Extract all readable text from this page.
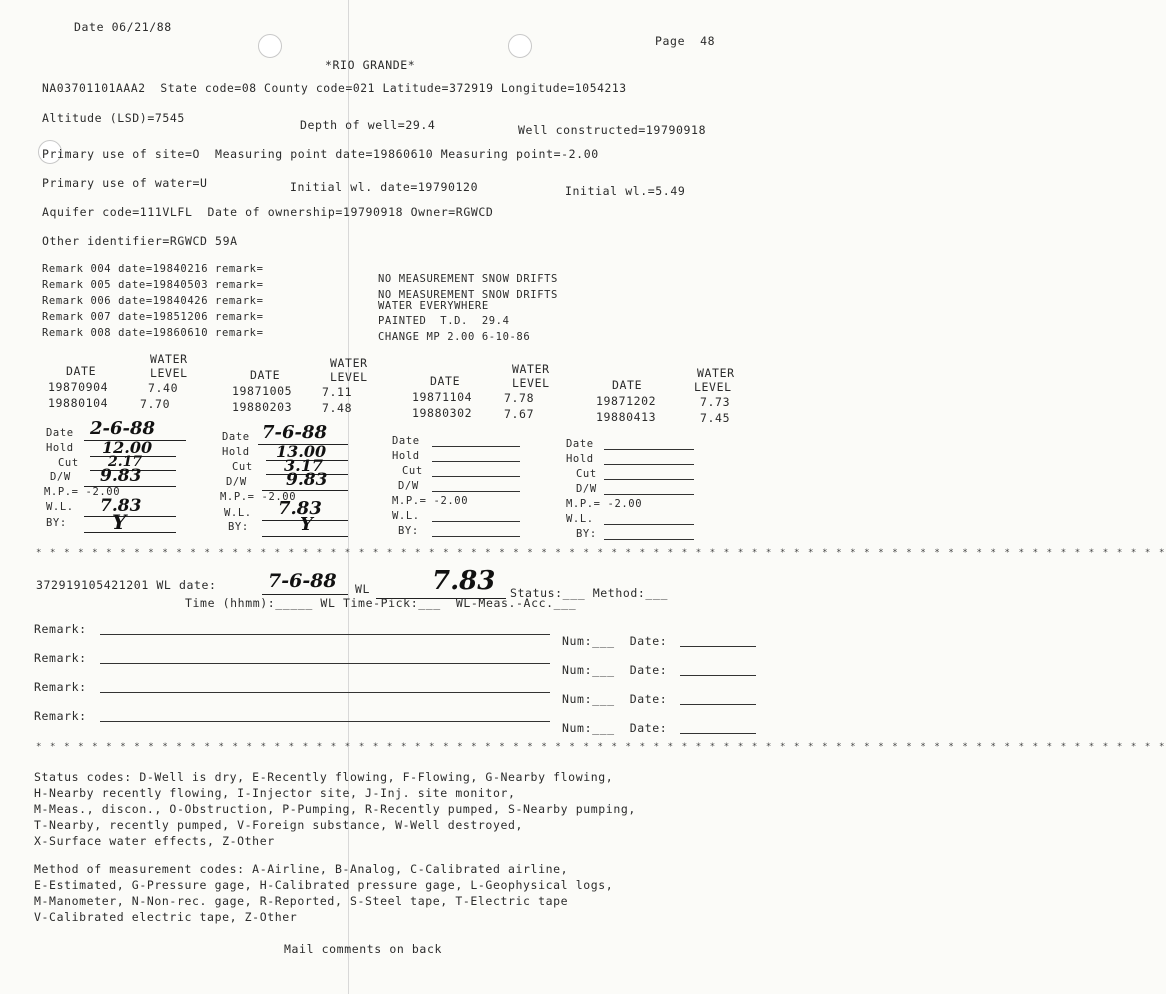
Date 06/21/88
Page  48
*RIO GRANDE*
NA03701101AAA2  State code=08 County code=021 Latitude=372919 Longitude=1054213
Altitude (LSD)=7545	Depth of well=29.4	Well constructed=19790918
Primary use of site=O  Measuring point date=19860610 Measuring point=-2.00
Primary use of water=U	Initial wl. date=19790120	Initial wl.=5.49
Aquifer code=111VLFL  Date of ownership=19790918 Owner=RGWCD
Other identifier=RGWCD 59A
Remark 004 date=19840216 remark=
NO MEASUREMENT SNOW DRIFTS
Remark 005 date=19840503 remark=
NO MEASUREMENT SNOW DRIFTS
Remark 006 date=19840426 remark=	WATER EVERYWHERE
Remark 007 date=19851206 remark=	PAINTED  T.D.  29.4
Remark 008 date=19860610 remark=	CHANGE MP 2.00 6-10-86
WATER
DATE	LEVEL
19870904	7.40
19880104	7.70
WATER
DATE	LEVEL
19871005	7.11
19880203	7.48
WATER
DATE	LEVEL
19871104	7.78
19880302	7.67
WATER
DATE	LEVEL
19871202	7.73
19880413	7.45
Date 2-6-88
Hold 12.00
Cut 2.17
D/W 9.83
M.P.= -2.00
W.L. 7.83
BY: Y
Date 7-6-88
Hold 13.00
Cut 3.17
D/W 9.83
M.P.= -2.00
W.L. 7.83
BY:	Y
Date
Hold
Cut
D/W
M.P.= -2.00
W.L.
BY:
Date
Hold
Cut
D/W
M.P.= -2.00
W.L.
BY:
* * * * * * * * * * * * * * * * * * * * * * * * * * * * * * * * * * * * * * * * * * * * * * * * * * * * * * * * * * * * * * * * * * * * * * * * * * * * * * * * *
372919105421201 WL date:	7-6-88 WL 7.83 Status:___ Method:___
Time (hhmm):_____ WL Time-Pick:___  WL-Meas.-Acc.___
Remark:
Num:___  Date:
Remark:
Num:___  Date:
Remark:
Num:___  Date:
Remark:
Num:___  Date:
* * * * * * * * * * * * * * * * * * * * * * * * * * * * * * * * * * * * * * * * * * * * * * * * * * * * * * * * * * * * * * * * * * * * * * * * * * * * * * * * *
Status codes: D-Well is dry, E-Recently flowing, F-Flowing, G-Nearby flowing,
H-Nearby recently flowing, I-Injector site, J-Inj. site monitor,
M-Meas., discon., O-Obstruction, P-Pumping, R-Recently pumped, S-Nearby pumping,
T-Nearby, recently pumped, V-Foreign substance, W-Well destroyed,
X-Surface water effects, Z-Other
Method of measurement codes: A-Airline, B-Analog, C-Calibrated airline,
E-Estimated, G-Pressure gage, H-Calibrated pressure gage, L-Geophysical logs,
M-Manometer, N-Non-rec. gage, R-Reported, S-Steel tape, T-Electric tape
V-Calibrated electric tape, Z-Other
Mail comments on back
